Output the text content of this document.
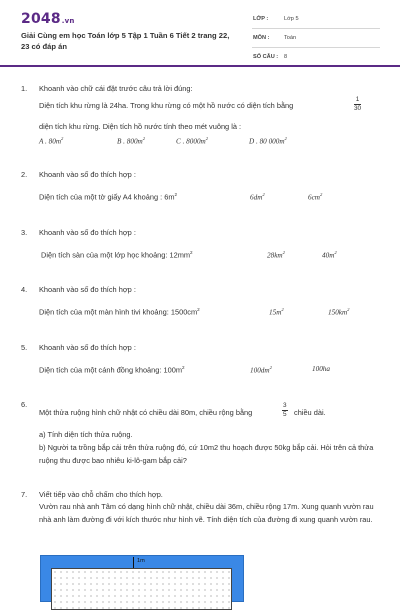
2048.vn
Giải Cùng em học Toán lớp 5 Tập 1 Tuần 6 Tiết 2 trang 22, 23 có đáp án
LỚP :	Lớp 5
MÔN :	Toán
SỐ CÂU : 8
1. Khoanh vào chữ cái đặt trước câu trả lời đúng:
Diện tích khu rừng là 24ha. Trong khu rừng có một hồ nước có diện tích bằng	$\frac{1}{30}$
diện tích khu rừng. Diện tích hồ nước tính theo mét vuông là :
A . $80m^2$	B . $800m^2$	C . $8000m^2$	D . 80 $000m^2$
2. Khoanh vào số đo thích hợp :
Diện tích của một tờ giấy A4 khoảng : $6m^2$	$6dm^2$	$6cm^2$
3. Khoanh vào số đo thích hợp :
Diện tích sàn của một lớp học khoảng: $12mm^2$	$28km^2$	$40m^2$
4. Khoanh vào số đo thích hợp :
Diện tích của một màn hình tivi khoảng: $1500cm^2$	$15m^2$	$150km^2$
5. Khoanh vào số đo thích hợp :
Diện tích của một cánh đồng khoảng: $100m^2$	$100dm^2$	100ha
6.
Một thửa ruộng hình chữ nhật có chiều dài 80m, chiều rộng bằng	$\frac{3}{5}$ chiều dài.
a) Tính diện tích thửa ruộng.
b) Người ta trồng bắp cải trên thửa ruộng đó, cứ 10m2 thu hoạch được 50kg bắp cải. Hỏi trên cả thửa ruộng thu được bao nhiêu ki-lô-gam bắp cải?
7. Viết tiếp vào chỗ chấm cho thích hợp.
Vườn rau nhà anh Tâm có dạng hình chữ nhật, chiều dài 36m, chiều rộng 17m. Xung quanh vườn rau nhà anh làm đường đi với kích thước như hình vẽ. Tính diện tích của đường đi xung quanh vườn rau.
1m
